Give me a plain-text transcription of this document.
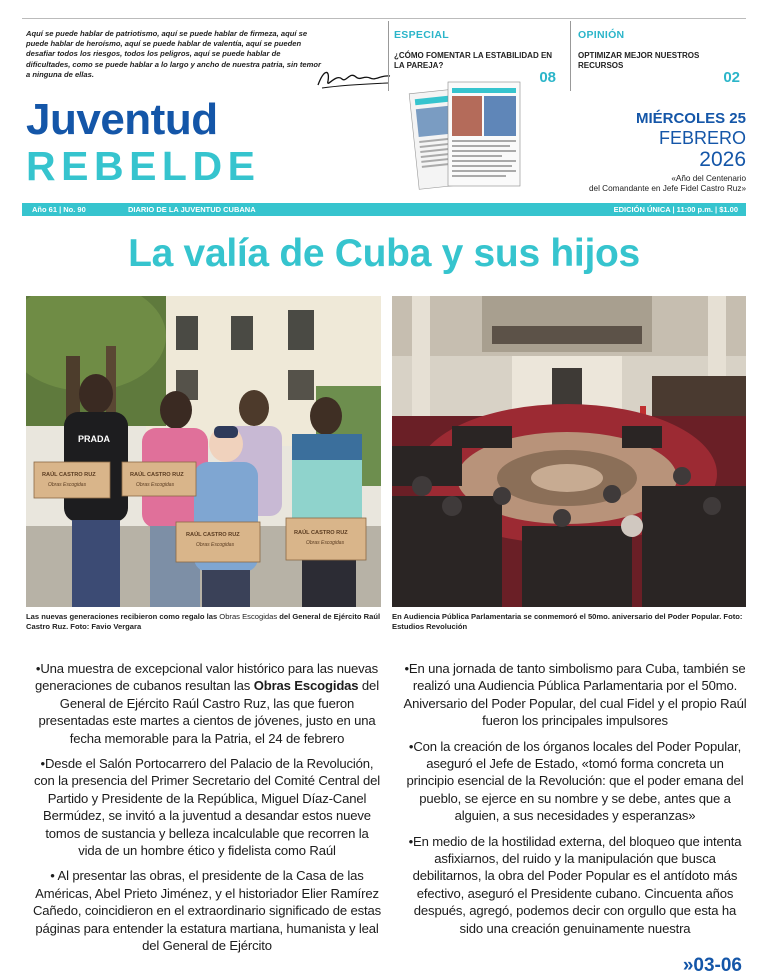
Aquí se puede hablar de patriotismo, aquí se puede hablar de firmeza, aquí se puede hablar de heroísmo, aquí se puede hablar de valentía, aquí se pueden desafiar todos los riesgos, todos los peligros, aquí se puede hablar de dificultades, como se puede hablar a lo largo y ancho de nuestra patria, sin temor a ninguna de ellas.
ESPECIAL
¿CÓMO FOMENTAR LA ESTABILIDAD EN LA PAREJA?
08
OPINIÓN
OPTIMIZAR MEJOR NUESTROS RECURSOS
02
Juventud
REBELDE
MIÉRCOLES 25
FEBRERO
2026
«Año del Centenario
del Comandante en Jefe Fidel Castro Ruz»
Año 61 | No. 90	DIARIO DE LA JUVENTUD CUBANA	EDICIÓN ÚNICA | 11:00 p.m. | $1.00
La valía de Cuba y sus hijos
PRADA
RAÚL CASTRO RUZ	RAÚL CASTRO RUZ
RAÚL CASTRO RUZ	RAÚL CASTRO RUZ
Obras Escogidas	Obras Escogidas
Obras Escogidas	Obras Escogidas
Las nuevas generaciones recibieron como regalo las Obras Escogidas del General de Ejército Raúl Castro Ruz. Foto: Favio Vergara
En Audiencia Pública Parlamentaria se conmemoró el 50mo. aniversario del Poder Popular. Foto: Estudios Revolución

•Una muestra de excepcional valor histórico para las nuevas generaciones de cubanos resultan las Obras Escogidas del General de Ejército Raúl Castro Ruz, las que fueron presentadas este martes a cientos de jóvenes, justo en una fecha memorable para la Patria, el 24 de febrero

•Desde el Salón Portocarrero del Palacio de la Revolución, con la presencia del Primer Secretario del Comité Central del Partido y Presidente de la República, Miguel Díaz-Canel Bermúdez, se invitó a la juventud a desandar estos nueve tomos de sustancia y belleza incalculable que recorren la vida de un hombre ético y fidelista como Raúl

• Al presentar las obras, el presidente de la Casa de las Américas, Abel Prieto Jiménez, y el historiador Elier Ramírez Cañedo, coincidieron en el extraordinario significado de estas páginas para entender la estatura martiana, humanista y leal del General de Ejército

•En una jornada de tanto simbolismo para Cuba, también se realizó una Audiencia Pública Parlamentaria por el 50mo. Aniversario del Poder Popular, del cual Fidel y el propio Raúl fueron los principales impulsores

•Con la creación de los órganos locales del Poder Popular, aseguró el Jefe de Estado, «tomó forma concreta un principio esencial de la Revolución: que el poder emana del pueblo, se ejerce en su nombre y se debe, antes que a alguien, a sus necesidades y esperanzas»

•En medio de la hostilidad externa, del bloqueo que intenta asfixiarnos, del ruido y la manipulación que busca debilitarnos, la obra del Poder Popular es el antídoto más efectivo, aseguró el Presidente cubano. Cincuenta años después, agregó, podemos decir con orgullo que esta ha sido una creación genuinamente nuestra

»03-06
